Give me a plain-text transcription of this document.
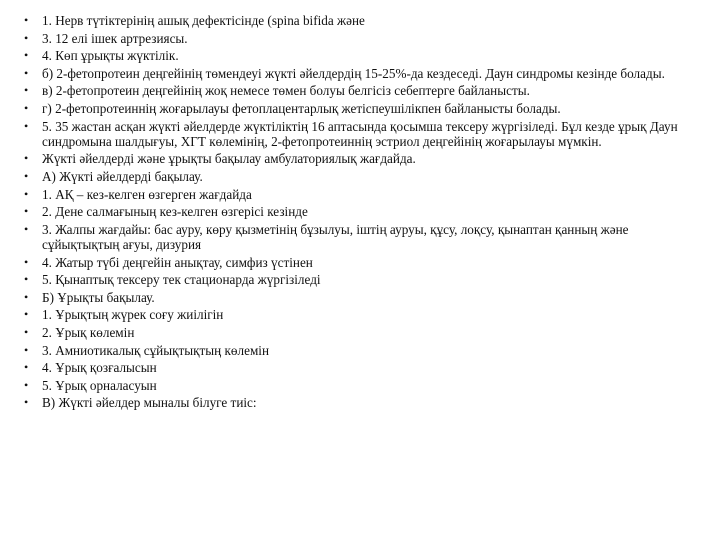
• 1. Нерв түтіктерінің ашық дефектісінде (spina bifida және
• 3. 12 елі ішек артрезиясы.
• 4. Көп ұрықты жүктілік.
• б) 2-фетопротеин деңгейінің төмендеуі жүкті әйелдердің 15-25%-да кездеседі. Даун синдромы кезінде болады.
• в) 2-фетопротеин деңгейінің жоқ немесе төмен болуы белгісіз себептерге байланысты.
• г) 2-фетопротеиннің жоғарылауы фетоплацентарлық жетіспеушілікпен байланысты болады.
• 5. 35 жастан асқан жүкті әйелдерде жүктіліктің 16 аптасында қосымша тексеру жүргізіледі. Бұл кезде ұрық Даун синдромына шалдығуы, ХГТ көлемінің, 2-фетопротеиннің эстриол деңгейінің жоғарылауы мүмкін.
• Жүкті әйелдерді және ұрықты бақылау амбулаториялық жағдайда.
• А) Жүкті әйелдерді бақылау.
• 1. АҚ – кез-келген өзгерген жағдайда
• 2. Дене салмағының кез-келген өзгерісі кезінде
• 3. Жалпы жағдайы: бас ауру, көру қызметінің бұзылуы, іштің ауруы, құсу, лоқсу, қынаптан қанның және сұйықтықтың ағуы, дизурия
• 4. Жатыр түбі деңгейін анықтау, симфиз үстінен
• 5. Қынаптық тексеру тек стационарда жүргізіледі
• Б) Ұрықты бақылау.
• 1. Ұрықтың жүрек соғу жиілігін
• 2. Ұрық көлемін
• 3. Амниотикалық сұйықтықтың көлемін
• 4. Ұрық қозғалысын
• 5. Ұрық орналасуын
• В) Жүкті әйелдер мыналы білуге тиіс:
